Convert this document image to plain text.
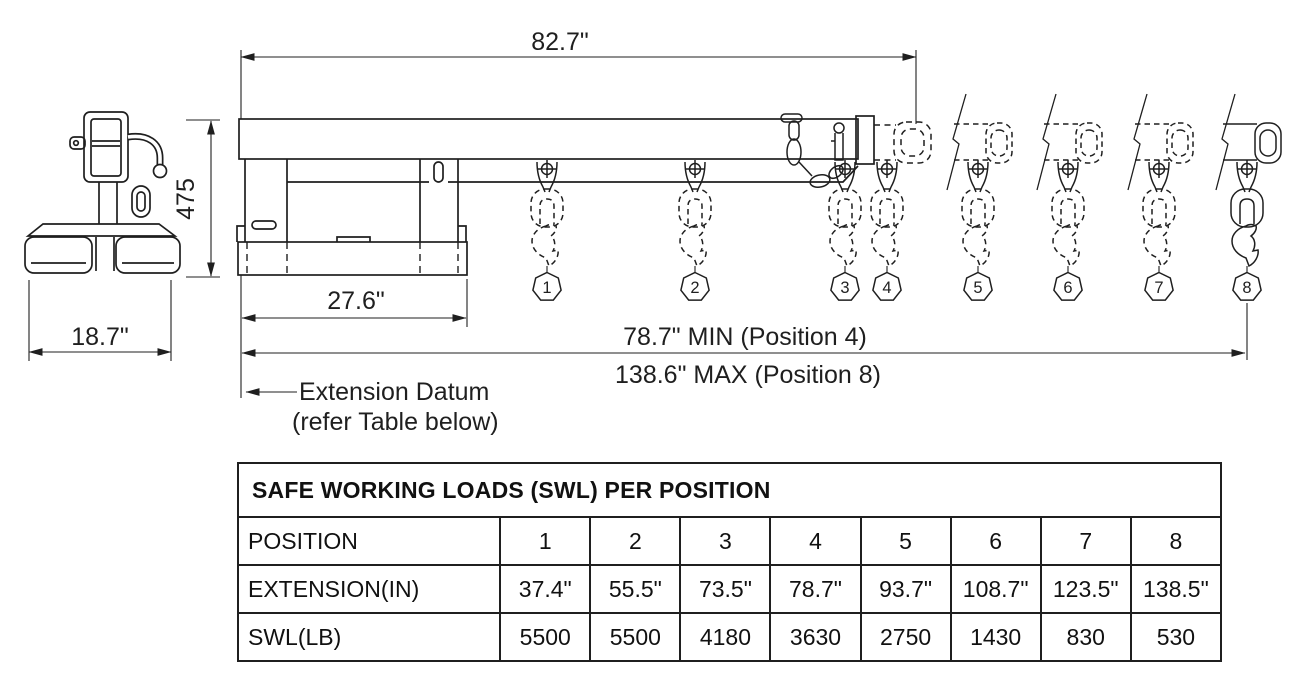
1	2	3 4	5	6	7	8
82.7"
475
18.7"
27.6"
78.7" MIN (Position 4)
138.6" MAX (Position 8)
Extension Datum
(refer Table below)
SAFE WORKING LOADS (SWL) PER POSITION								
POSITION	1	2	3	4	5	6	7	8
EXTENSION(IN)	37.4"	55.5"	73.5"	78.7"	93.7"	108.7"	123.5"	138.5"
SWL(LB)	5500	5500	4180	3630	2750	1430	830	530
